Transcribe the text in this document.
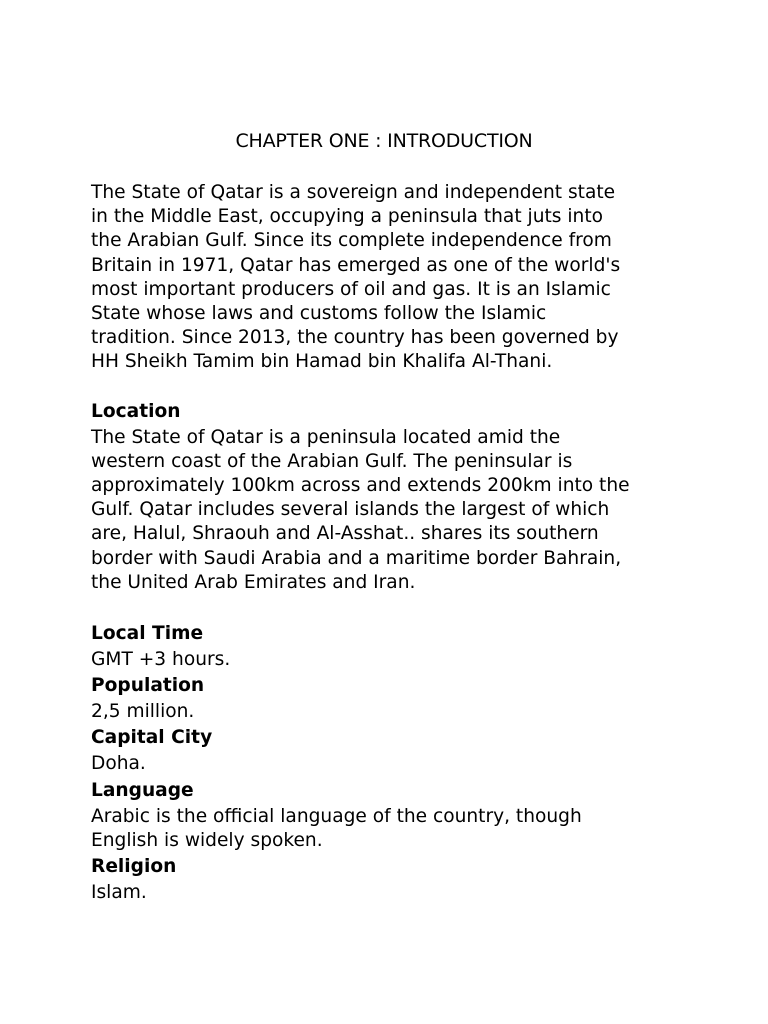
CHAPTER ONE : INTRODUCTION

The State of Qatar is a sovereign and independent state
in the Middle East, occupying a peninsula that juts into
the Arabian Gulf. Since its complete independence from
Britain in 1971, Qatar has emerged as one of the world's
most important producers of oil and gas. It is an Islamic
State whose laws and customs follow the Islamic
tradition. Since 2013, the country has been governed by
HH Sheikh Tamim bin Hamad bin Khalifa Al-Thani.

Location

The State of Qatar is a peninsula located amid the
western coast of the Arabian Gulf. The peninsular is
approximately 100km across and extends 200km into the
Gulf. Qatar includes several islands the largest of which
are, Halul, Shraouh and Al-Asshat.. shares its southern
border with Saudi Arabia and a maritime border Bahrain,
the United Arab Emirates and Iran.

Local Time
GMT +3 hours.
Population
2,5 million.
Capital City
Doha.
Language
Arabic is the official language of the country, though
English is widely spoken.
Religion
Islam.
